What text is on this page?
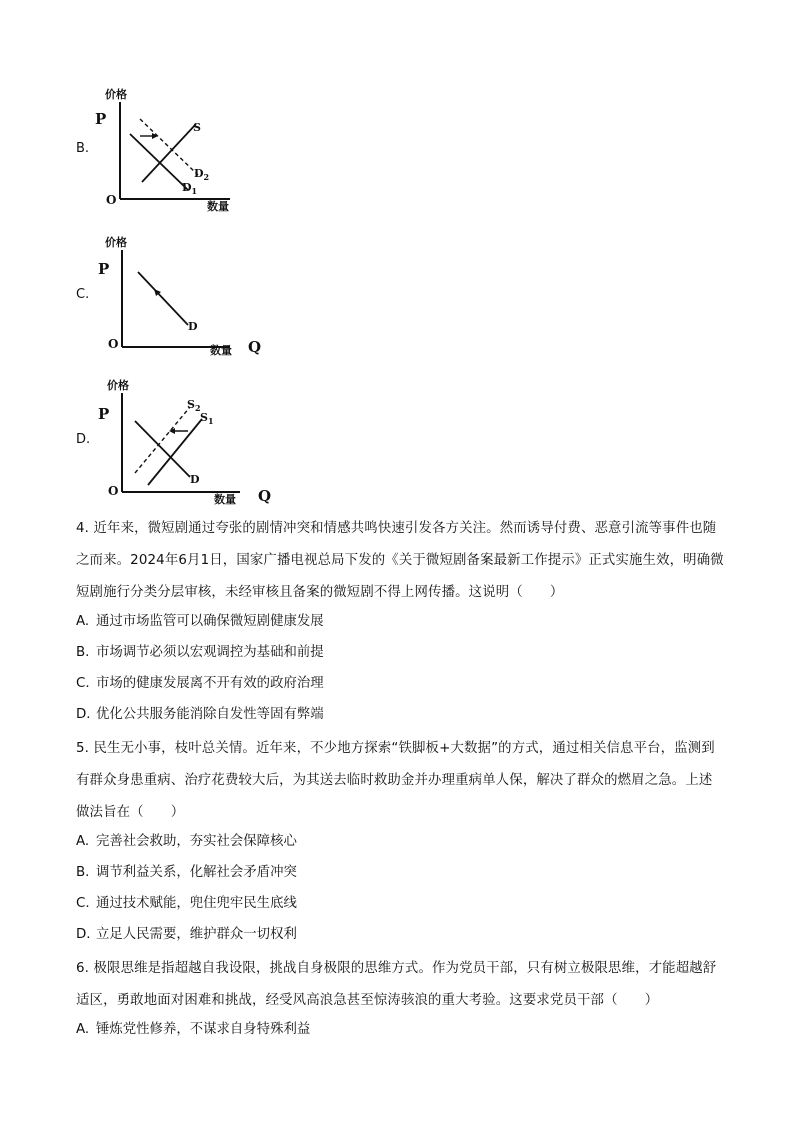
B.
价格
P
O	数量
S
$D_2$
$D_1$
C.
价格
P
O	数量 Q
D
D.
价格
P
O
数量 Q
$S_2$
$S_1$
D
4. 近年来，微短剧通过夸张的剧情冲突和情感共鸣快速引发各方关注。然而诱导付费、恶意引流等事件也随之而来。2024年6月1日，国家广播电视总局下发的《关于微短剧备案最新工作提示》正式实施生效，明确微短剧施行分类分层审核，未经审核且备案的微短剧不得上网传播。这说明（　　）
A. 通过市场监管可以确保微短剧健康发展
B. 市场调节必须以宏观调控为基础和前提
C. 市场的健康发展离不开有效的政府治理
D. 优化公共服务能消除自发性等固有弊端
5. 民生无小事，枝叶总关情。近年来，不少地方探索“铁脚板+大数据”的方式，通过相关信息平台，监测到有群众身患重病、治疗花费较大后，为其送去临时救助金并办理重病单人保，解决了群众的燃眉之急。上述做法旨在（　　）
A. 完善社会救助，夯实社会保障核心
B. 调节利益关系，化解社会矛盾冲突
C. 通过技术赋能，兜住兜牢民生底线
D. 立足人民需要，维护群众一切权利
6. 极限思维是指超越自我设限，挑战自身极限的思维方式。作为党员干部，只有树立极限思维，才能超越舒适区，勇敢地面对困难和挑战，经受风高浪急甚至惊涛骇浪的重大考验。这要求党员干部（　　）
A. 锤炼党性修养，不谋求自身特殊利益
